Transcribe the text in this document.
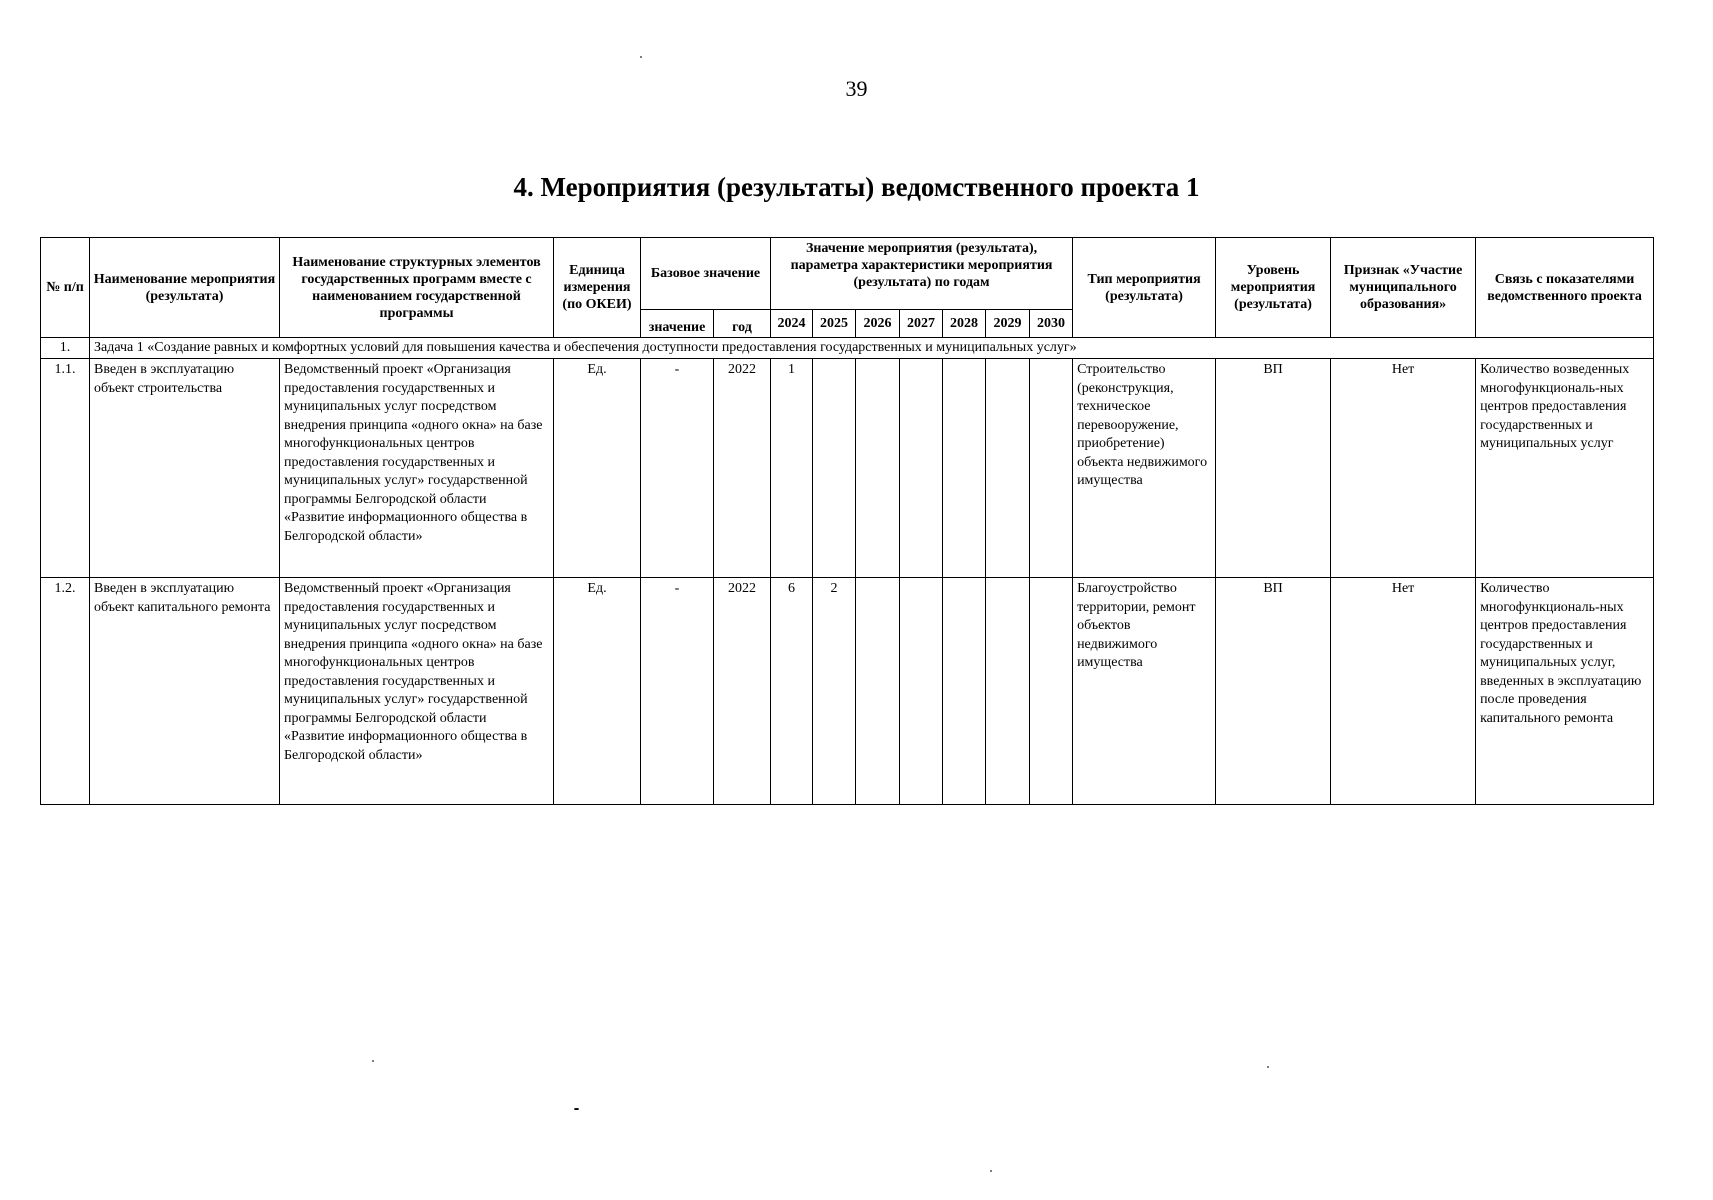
39
4. Мероприятия (результаты) ведомственного проекта 1
№ п/п	Наименование мероприятия (результата)	Наименование структурных элементов государственных программ вместе с наименованием государственной программы	Единица измерения (по ОКЕИ)	Базовое значение		Значение мероприятия (результата), параметра характеристики мероприятия (результата) по годам							Тип мероприятия (результата)	Уровень мероприятия (результата)	Признак «Участие муниципального образования»	Связь с показателями ведомственного проекта
				значение	год	2024	2025	2026	2027	2028	2029	2030				
1.	Задача 1 «Создание равных и комфортных условий для повышения качества и обеспечения доступности предоставления государственных и муниципальных услуг»															
1.1.	Введен в эксплуатацию объект строительства	Ведомственный проект «Организация предоставления государственных и муниципальных услуг посредством внедрения принципа «одного окна» на базе многофункциональных центров предоставления государственных и муниципальных услуг» государственной программы Белгородской области «Развитие информационного общества в Белгородской области»	Ед.	-	2022	1							Строительство (реконструкция, техническое перевооружение, приобретение) объекта недвижимого имущества	ВП	Нет	Количество возведенных многофункциональ-ных центров предоставления государственных и муниципальных услуг
1.2.	Введен в эксплуатацию объект капитального ремонта	Ведомственный проект «Организация предоставления государственных и муниципальных услуг посредством внедрения принципа «одного окна» на базе многофункциональных центров предоставления государственных и муниципальных услуг» государственной программы Белгородской области «Развитие информационного общества в Белгородской области»	Ед.	-	2022	6	2						Благоустройство территории, ремонт объектов недвижимого имущества	ВП	Нет	Количество многофункциональ-ных центров предоставления государственных и муниципальных услуг, введенных в эксплуатацию после проведения капитального ремонта
